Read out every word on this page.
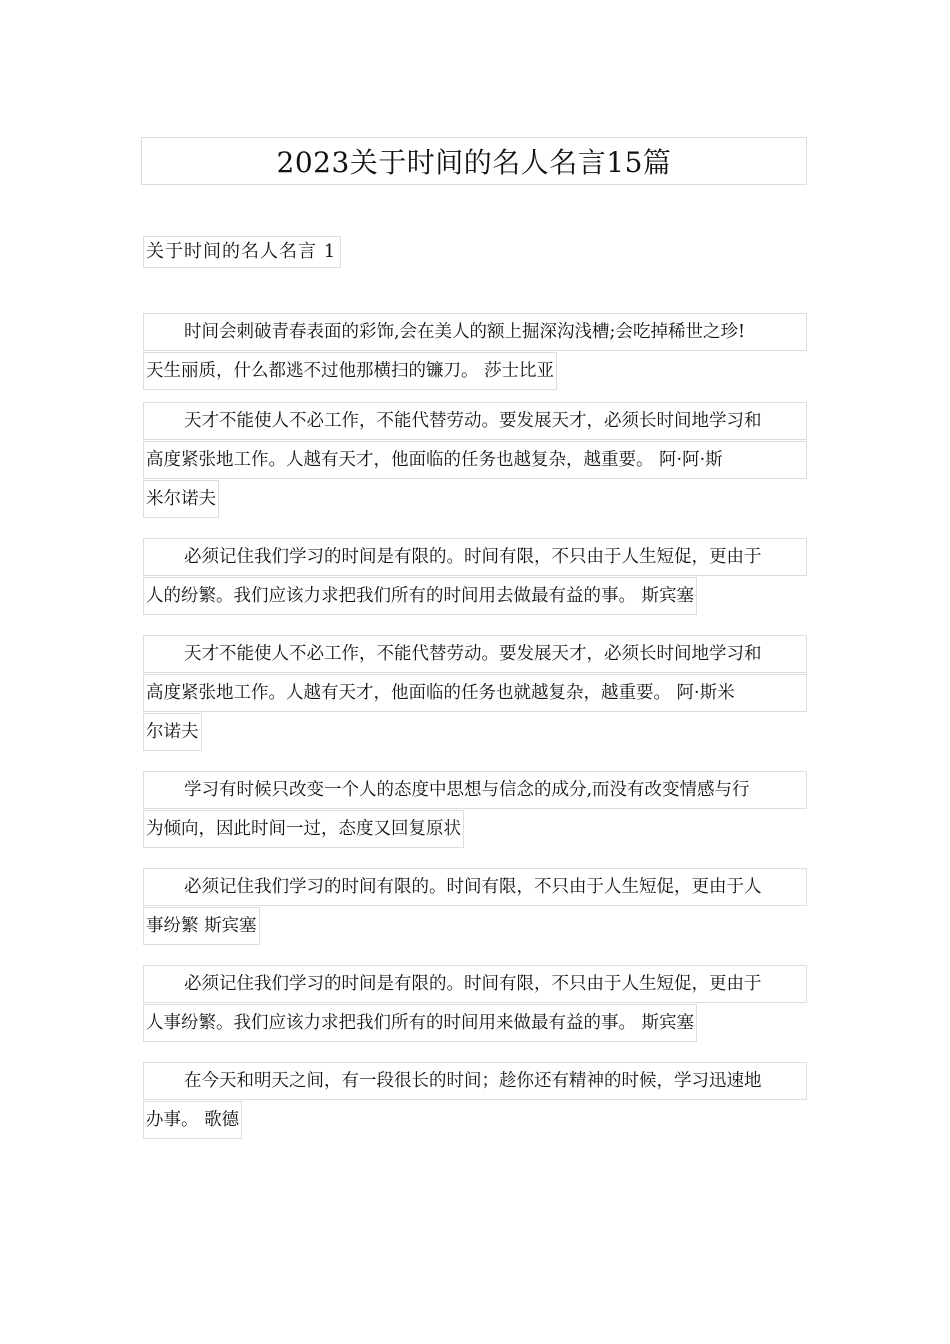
2023关于时间的名人名言15篇
关于时间的名人名言 1
时间会刺破青春表面的彩饰,会在美人的额上掘深沟浅槽;会吃掉稀世之珍!
天生丽质，什么都逃不过他那横扫的镰刀。 莎士比亚
天才不能使人不必工作，不能代替劳动。要发展天才，必须长时间地学习和
高度紧张地工作。人越有天才，他面临的任务也越复杂，越重要。 阿·阿·斯
米尔诺夫
必须记住我们学习的时间是有限的。时间有限，不只由于人生短促，更由于
人的纷繁。我们应该力求把我们所有的时间用去做最有益的事。 斯宾塞
天才不能使人不必工作，不能代替劳动。要发展天才，必须长时间地学习和
高度紧张地工作。人越有天才，他面临的任务也就越复杂，越重要。 阿·斯米
尔诺夫
学习有时候只改变一个人的态度中思想与信念的成分,而没有改变情感与行
为倾向，因此时间一过，态度又回复原状
必须记住我们学习的时间有限的。时间有限，不只由于人生短促，更由于人
事纷繁 斯宾塞
必须记住我们学习的时间是有限的。时间有限，不只由于人生短促，更由于
人事纷繁。我们应该力求把我们所有的时间用来做最有益的事。 斯宾塞
在今天和明天之间，有一段很长的时间；趁你还有精神的时候，学习迅速地
办事。 歌德
